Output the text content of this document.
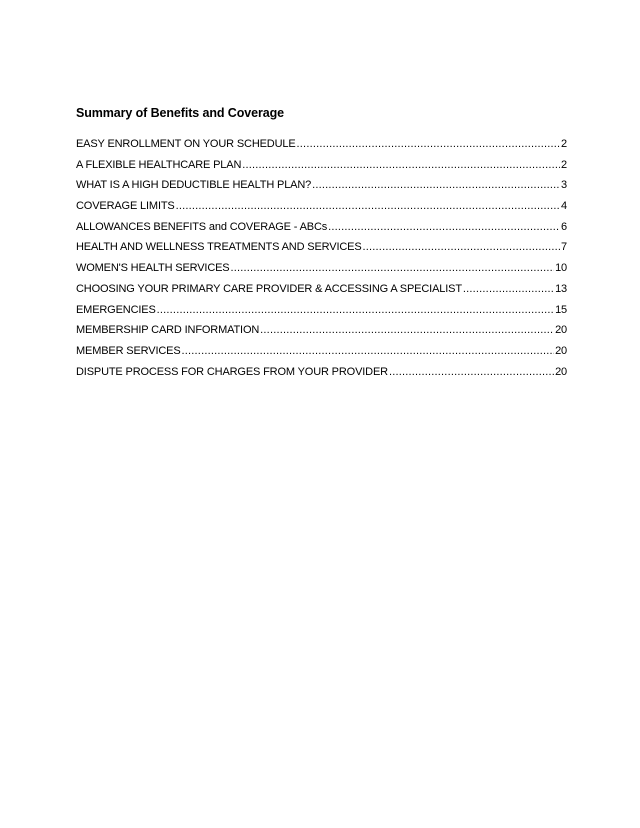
Summary of Benefits and Coverage
EASY ENROLLMENT ON YOUR SCHEDULE .....	2
A FLEXIBLE HEALTHCARE PLAN .....	2
WHAT IS A HIGH DEDUCTIBLE HEALTH PLAN? .....	3
COVERAGE LIMITS .....	4
ALLOWANCES BENEFITS and COVERAGE - ABCs .....	6
HEALTH AND WELLNESS TREATMENTS AND SERVICES .....	7
WOMEN'S HEALTH SERVICES .....	10
CHOOSING YOUR PRIMARY CARE PROVIDER & ACCESSING A SPECIALIST .....	13
EMERGENCIES .....	15
MEMBERSHIP CARD INFORMATION .....	20
MEMBER SERVICES .....	20
DISPUTE PROCESS FOR CHARGES FROM YOUR PROVIDER .....	20
